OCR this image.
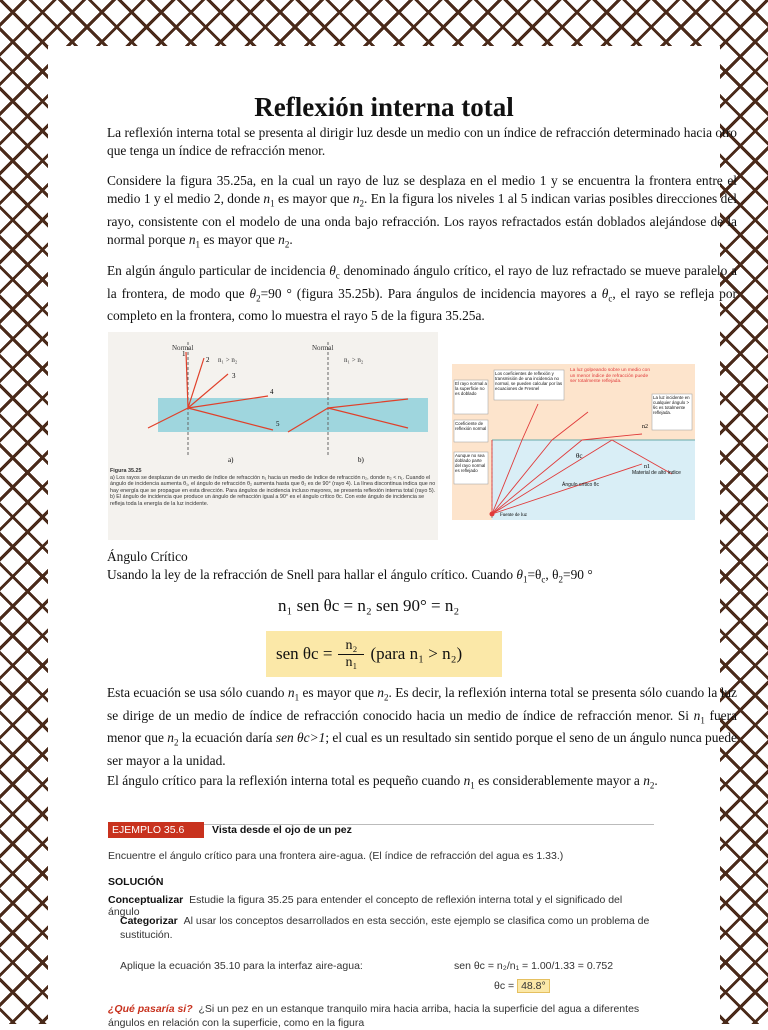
Reflexión interna total

La reflexión interna total se presenta al dirigir luz desde un medio con un índice de refracción determinado hacia otro que tenga un índice de refracción menor.

Considere la figura 35.25a, en la cual un rayo de luz se desplaza en el medio 1 y se encuentra la frontera entre el medio 1 y el medio 2, donde $n_1$ es mayor que $n_2$. En la figura los niveles 1 al 5 indican varias posibles direcciones del rayo, consistente con el modelo de una onda bajo refracción. Los rayos refractados están doblados alejándose de la normal porque $n_1$ es mayor que $n_2$.

En algún ángulo particular de incidencia $\theta_c$ denominado ángulo crítico, el rayo de luz refractado se mueve paralelo a la frontera, de modo que $\theta_2=90$ ° (figura 35.25b). Para ángulos de incidencia mayores a $\theta_c$, el rayo se refleja por completo en la frontera, como lo muestra el rayo 5 de la figura 35.25a.

Normal	Normal
n₁ > n₂	n₁ > n₂
1
2
3
4
5
a)	b)
Figura 35.25
a) Los rayos se desplazan de un medio de índice de refracción n₁ hacia un medio de índice de refracción n₂, donde n₂ < n₁. Cuando el ángulo de incidencia aumenta θ₁, el ángulo de refracción θ₂ aumenta hasta que θ₂ es de 90° (rayo 4). La línea discontinua indica que no hay energía que se propague en esta dirección. Para ángulos de incidencia incluso mayores, se presenta reflexión interna total (rayo 5).
b) El ángulo de incidencia que produce un ángulo de refracción igual a 90° es el ángulo crítico θc. Con este ángulo de incidencia se refleja toda la energía de la luz incidente.
El rayo normal a la superficie no es doblado
Coeficiente de reflexión normal
Aunque no sea doblado parte del rayo normal es reflejado
Los coeficientes de reflexión y transmisión de una incidencia no normal, se pueden calcular por las ecuaciones de Fresnel
La luz golpeando sobre un medio con un menor índice de refracción puede ser totalmente reflejada.
La luz incidente en cualquier ángulo > θc es totalmente reflejada.
θc
n2
n1
Material de alto índice
Ángulo crítico θc
Fuente de luz

Ángulo Crítico

Usando la ley de la refracción de Snell para hallar el ángulo crítico. Cuando $\theta_1=\theta_c$, $\theta_2=90$ °

n₁ sen θc = n₂ sen 90° = n₂
sen $\theta c = \frac{\text{n₂}}{\text{n₁}}$ (para n₁ > n₂)

Esta ecuación se usa sólo cuando $n_1$ es mayor que $n_2$. Es decir, la reflexión interna total se presenta sólo cuando la luz se dirige de un medio de índice de refracción conocido hacia un medio de índice de refracción menor. Si $n_1$ fuera menor que $n_2$ la ecuación daría sen θc>1; el cual es un resultado sin sentido porque el seno de un ángulo nunca puede ser mayor a la unidad.

El ángulo crítico para la reflexión interna total es pequeño cuando $n_1$ es considerablemente mayor a $n_2$.

EJEMPLO 35.6	Vista desde el ojo de un pez
Encuentre el ángulo crítico para una frontera aire-agua. (El índice de refracción del agua es 1.33.)
SOLUCIÓN
Conceptualizar Estudie la figura 35.25 para entender el concepto de reflexión interna total y el significado del ángulo
Categorizar Al usar los conceptos desarrollados en esta sección, este ejemplo se clasifica como un problema de sustitución.
Aplique la ecuación 35.10 para la interfaz aire-agua:	sen θc = n₂/n₁ = 1.00/1.33 = 0.752
θc = 48.8°
¿Qué pasaría si? ¿Si un pez en un estanque tranquilo mira hacia arriba, hacia la superficie del agua a diferentes ángulos en relación con la superficie, como en la figura
